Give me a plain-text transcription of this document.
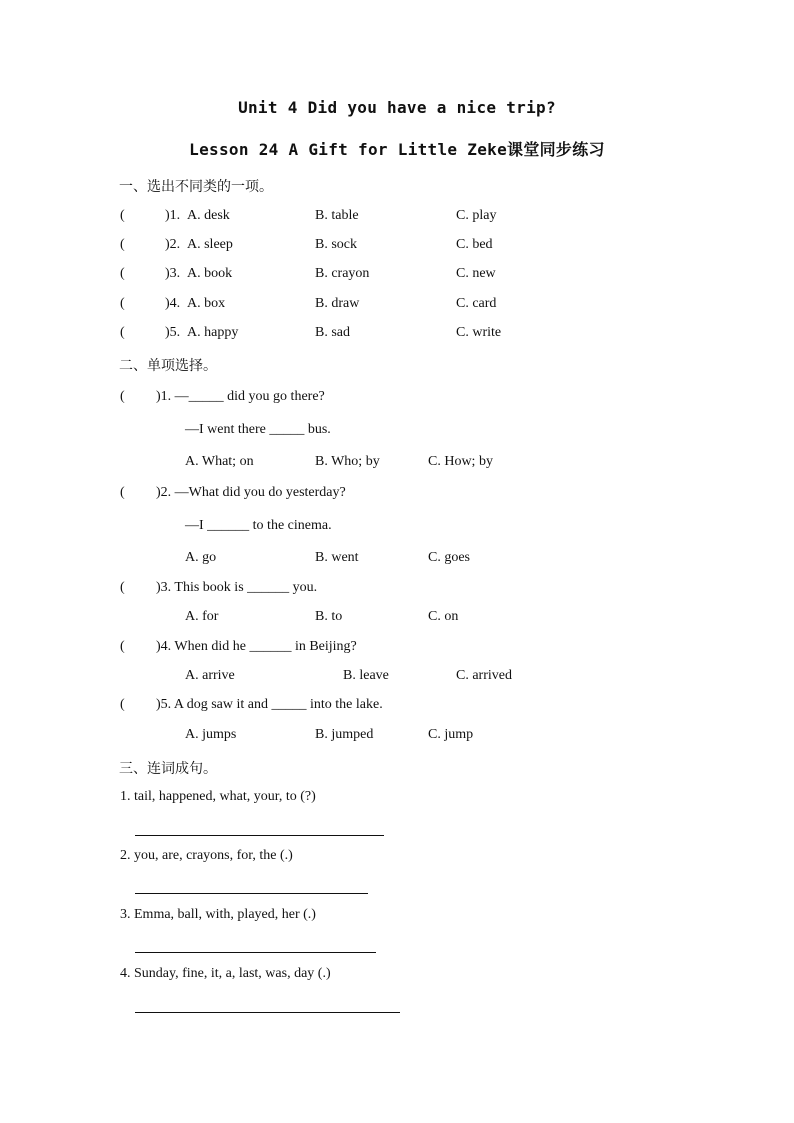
Unit 4 Did you have a nice trip?
Lesson 24 A Gift for Little Zeke课堂同步练习
一、选出不同类的一项。
(	)1. A. desk	B. table	C. play
(	)2. A. sleep	B. sock	C. bed
(	)3. A. book	B. crayon	C. new
(	)4. A. box	B. draw	C. card
(	)5. A. happy	B. sad	C. write
二、单项选择。
( )1. —_____ did you go there?
—I went there _____ bus.
A. What; on	B. Who; by	C. How; by
( )2. —What did you do yesterday?
—I ______ to the cinema.
A. go	B. went	C. goes
( )3. This book is ______ you.
A. for	B. to	C. on
( )4. When did he ______ in Beijing?
A. arrive	B. leave	C. arrived
( )5. A dog saw it and _____ into the lake.
A. jumps	B. jumped	C. jump
三、连词成句。
1. tail, happened, what, your, to (?)
2. you, are, crayons, for, the (.)
3. Emma, ball, with, played, her (.)
4. Sunday, fine, it, a, last, was, day (.)
